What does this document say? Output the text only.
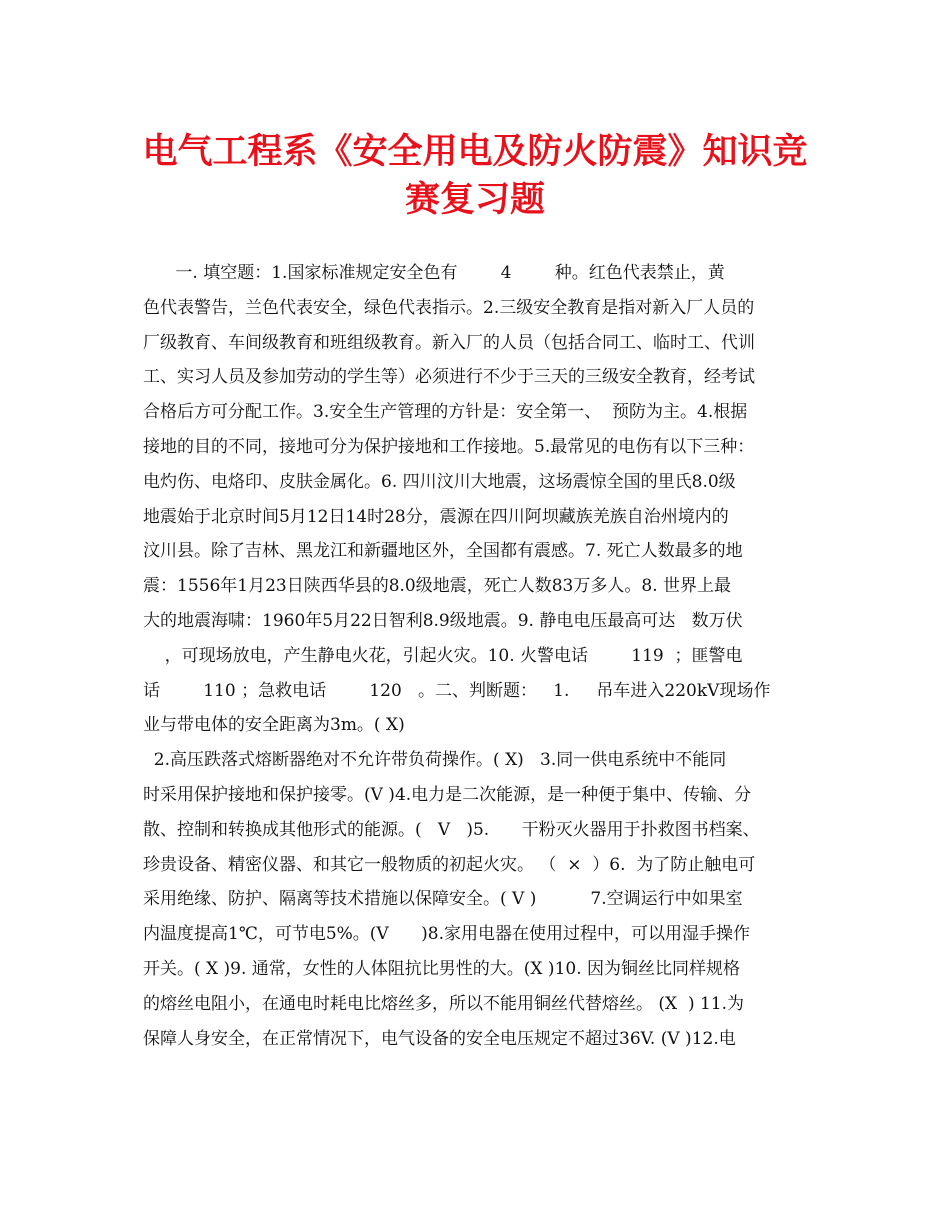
电气工程系《安全用电及防火防震》知识竞
赛复习题
一. 填空题：1.国家标准规定安全色有        4        种。红色代表禁止，黄
色代表警告，兰色代表安全，绿色代表指示。2.三级安全教育是指对新入厂人员的
厂级教育、车间级教育和班组级教育。新入厂的人员（包括合同工、临时工、代训
工、实习人员及参加劳动的学生等）必须进行不少于三天的三级安全教育，经考试
合格后方可分配工作。3.安全生产管理的方针是：安全第一、  预防为主。4.根据
接地的目的不同，接地可分为保护接地和工作接地。5.最常见的电伤有以下三种：
电灼伤、电烙印、皮肤金属化。6. 四川汶川大地震，这场震惊全国的里氏8.0级
地震始于北京时间5月12日14时28分，震源在四川阿坝藏族羌族自治州境内的
汶川县。除了吉林、黑龙江和新疆地区外，全国都有震感。7. 死亡人数最多的地
震：1556年1月23日陕西华县的8.0级地震，死亡人数83万多人。8. 世界上最
大的地震海啸：1960年5月22日智利8.9级地震。9. 静电电压最高可达   数万伏
，可现场放电，产生静电火花，引起火灾。10. 火警电话        119  ；匪警电
话        110 ；急救电话        120   。二、判断题：   1.     吊车进入220kV现场作
业与带电体的安全距离为3m。( X)
2.高压跌落式熔断器绝对不允许带负荷操作。( X)   3.同一供电系统中不能同
时采用保护接地和保护接零。(V )4.电力是二次能源，是一种便于集中、传输、分
散、控制和转换成其他形式的能源。(   V   )5.      干粉灭火器用于扑救图书档案、
珍贵设备、精密仪器、和其它一般物质的初起火灾。 （  ×  ）6.  为了防止触电可
采用绝缘、防护、隔离等技术措施以保障安全。( V )          7.空调运行中如果室
内温度提高1℃，可节电5%。(V      )8.家用电器在使用过程中，可以用湿手操作
开关。( X )9. 通常，女性的人体阻抗比男性的大。(X )10. 因为铜丝比同样规格
的熔丝电阻小，在通电时耗电比熔丝多，所以不能用铜丝代替熔丝。 (X  ) 11.为
保障人身安全，在正常情况下，电气设备的安全电压规定不超过36V. (V )12.电
